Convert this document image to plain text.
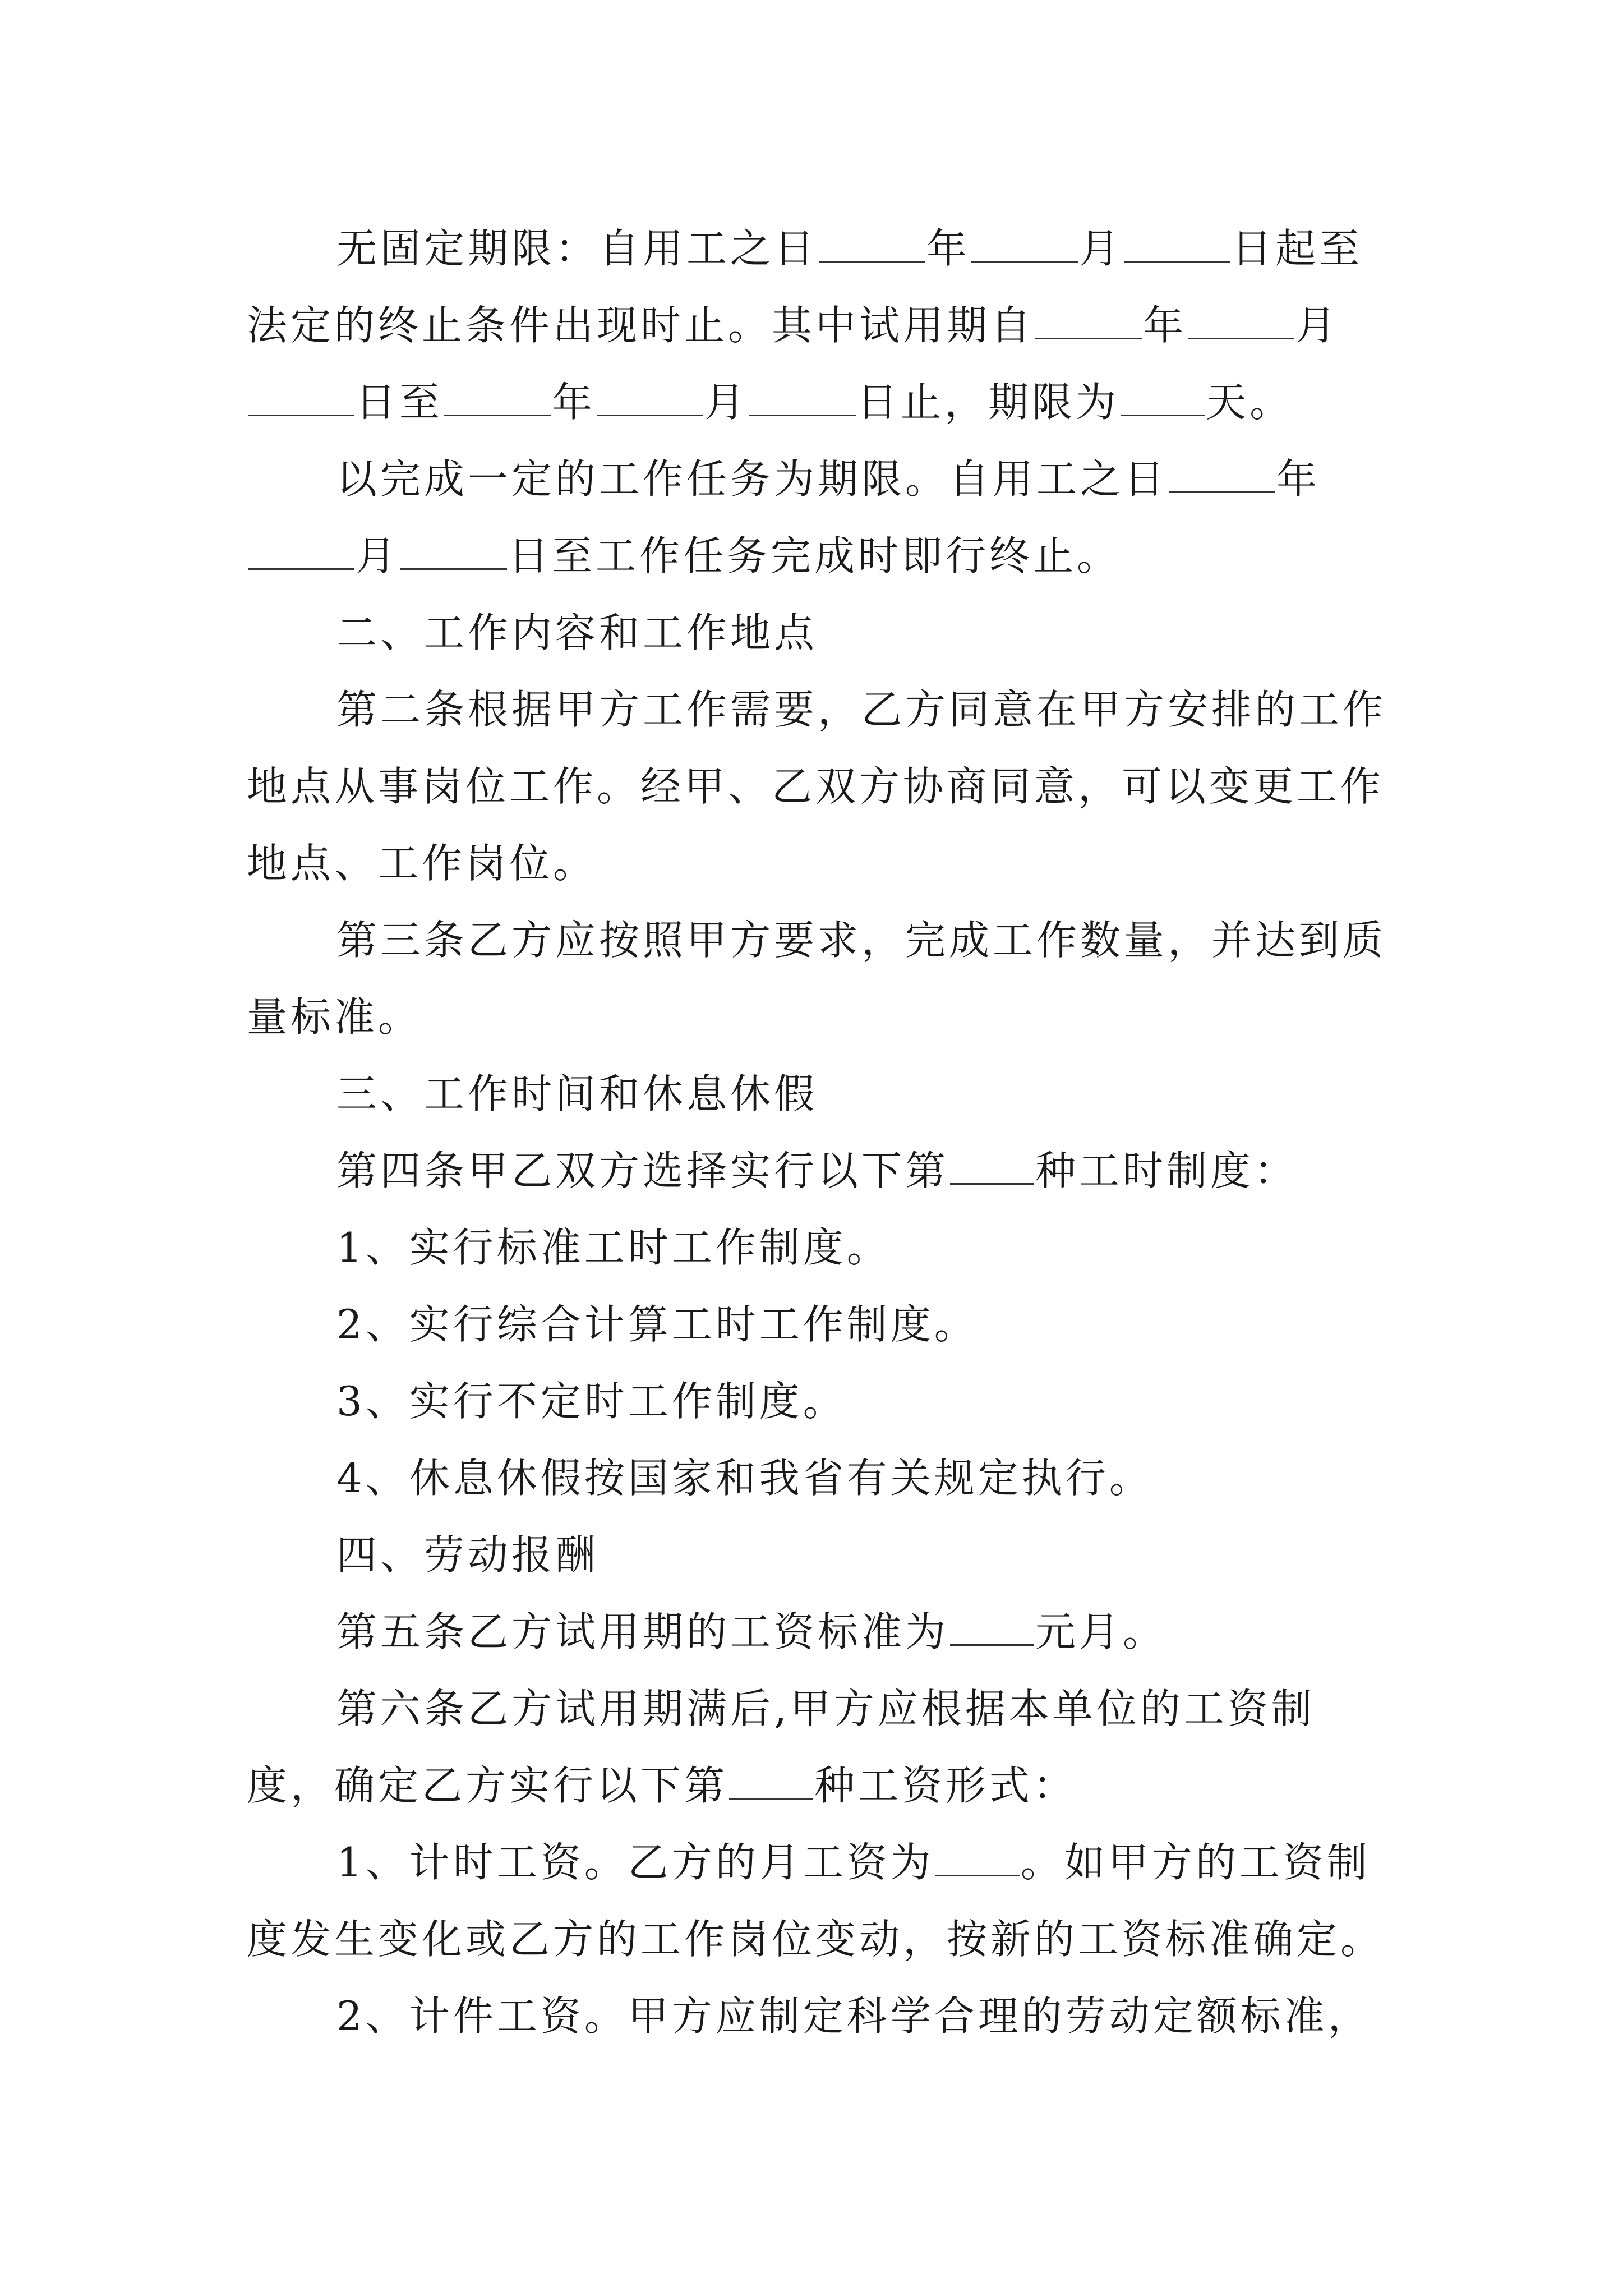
无固定期限：自用工之日	年	月	日起至法定的终止条件出现时止。其中试用期自	年	月日至	年	月	日止，期限为 天。

以完成一定的工作任务为期限。自用工之日	年月	日至工作任务完成时即行终止。

二、工作内容和工作地点

第二条根据甲方工作需要，乙方同意在甲方安排的工作地点从事岗位工作。经甲、乙双方协商同意，可以变更工作地点、工作岗位。

第三条乙方应按照甲方要求，完成工作数量，并达到质量标准。

三、工作时间和休息休假

第四条甲乙双方选择实行以下第 种工时制度：

1、实行标准工时工作制度。

2、实行综合计算工时工作制度。

3、实行不定时工作制度。

4、休息休假按国家和我省有关规定执行。

四、劳动报酬

第五条乙方试用期的工资标准为 元月。

第六条乙方试用期满后,甲方应根据本单位的工资制度，确定乙方实行以下第 种工资形式：

1、计时工资。乙方的月工资为 。如甲方的工资制度发生变化或乙方的工作岗位变动，按新的工资标准确定。

2、计件工资。甲方应制定科学合理的劳动定额标准，
